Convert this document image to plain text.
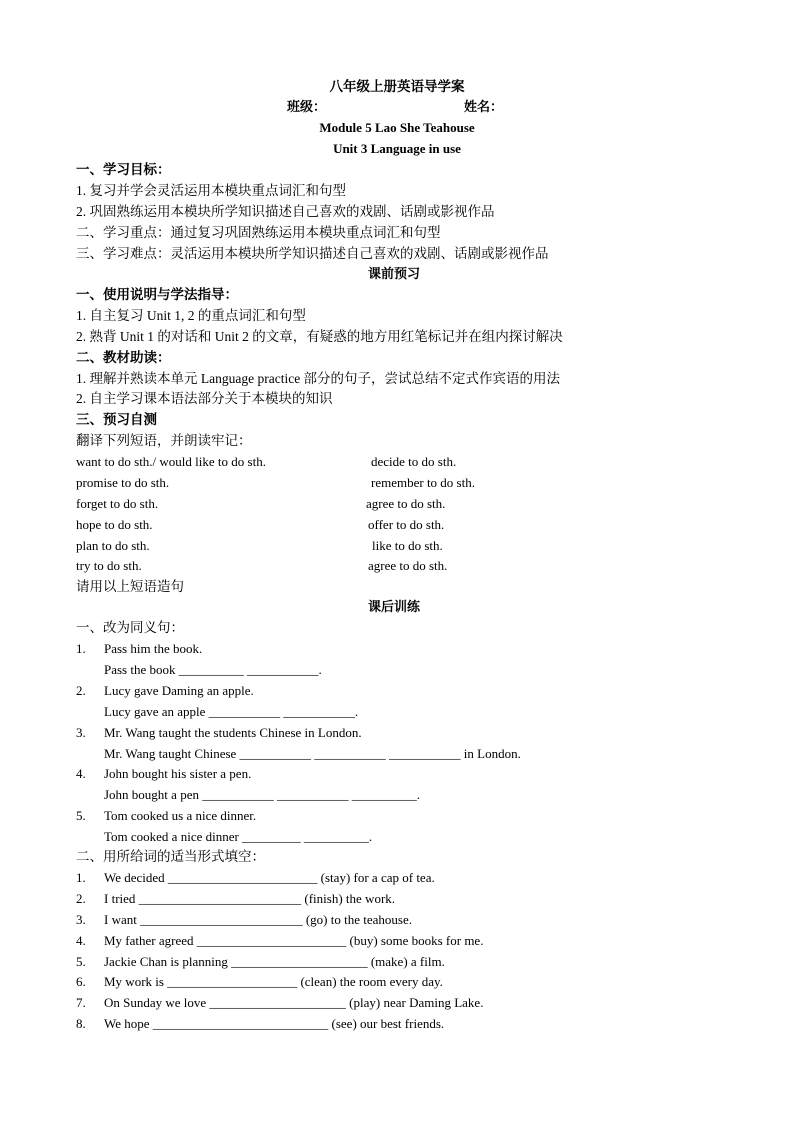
八年级上册英语导学案
班级：	姓名：
Module 5 Lao She Teahouse
Unit 3 Language in use
一、学习目标：
1. 复习并学会灵活运用本模块重点词汇和句型
2. 巩固熟练运用本模块所学知识描述自己喜欢的戏剧、话剧或影视作品
二、学习重点：通过复习巩固熟练运用本模块重点词汇和句型
三、学习难点：灵活运用本模块所学知识描述自己喜欢的戏剧、话剧或影视作品
课前预习
一、使用说明与学法指导：
1. 自主复习 Unit 1, 2 的重点词汇和句型
2. 熟背 Unit 1 的对话和 Unit 2 的文章，有疑惑的地方用红笔标记并在组内探讨解决
二、教材助读：
1. 理解并熟读本单元 Language practice 部分的句子，尝试总结不定式作宾语的用法
2. 自主学习课本语法部分关于本模块的知识
三、预习自测
翻译下列短语，并朗读牢记：
want to do sth./ would like to do sth.	decide to do sth.
promise to do sth.	remember to do sth.
forget to do sth.	agree to do sth.
hope to do sth.	offer to do sth.
plan to do sth.	like to do sth.
try to do sth.	agree to do sth.
请用以上短语造句
课后训练
一、改为同义句：
1.	Pass him the book.
Pass the book __________ ___________.
2.	Lucy gave Daming an apple.
Lucy gave an apple ___________ ___________.
3.	Mr. Wang taught the students Chinese in London.
Mr. Wang taught Chinese ___________ ___________ ___________ in London.
4.	John bought his sister a pen.
John bought a pen ___________ ___________ __________.
5.	Tom cooked us a nice dinner.
Tom cooked a nice dinner _________ __________.
二、用所给词的适当形式填空：
1.	We decided _______________________ (stay) for a cap of tea.
2.	I tried _________________________ (finish) the work.
3.	I want _________________________ (go) to the teahouse.
4.	My father agreed _______________________ (buy) some books for me.
5.	Jackie Chan is planning _____________________ (make) a film.
6.	My work is ____________________ (clean) the room every day.
7.	On Sunday we love _____________________ (play) near Daming Lake.
8.	We hope ___________________________ (see) our best friends.
